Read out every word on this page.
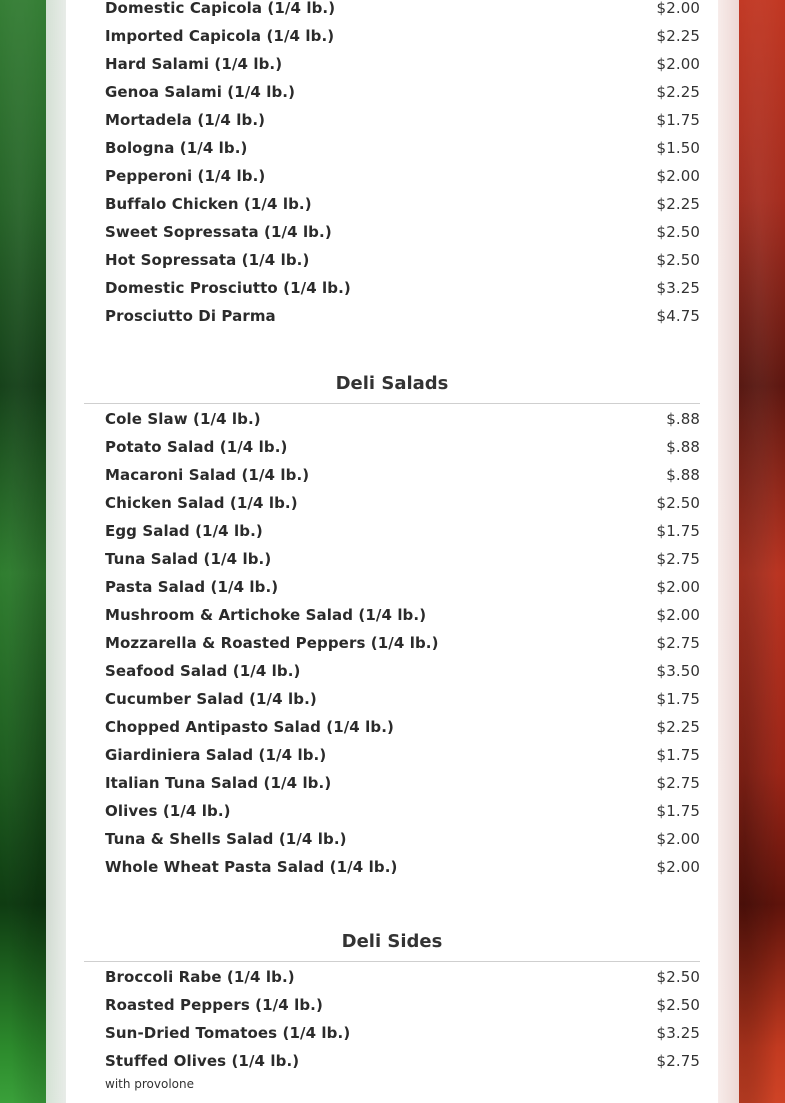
Domestic Capicola (1/4 lb.)	$2.00
Imported Capicola (1/4 lb.)	$2.25
Hard Salami (1/4 lb.)	$2.00
Genoa Salami (1/4 lb.)	$2.25
Mortadela (1/4 lb.)	$1.75
Bologna (1/4 lb.)	$1.50
Pepperoni (1/4 lb.)	$2.00
Buffalo Chicken (1/4 lb.)	$2.25
Sweet Sopressata (1/4 lb.)	$2.50
Hot Sopressata (1/4 lb.)	$2.50
Domestic Prosciutto (1/4 lb.)	$3.25
Prosciutto Di Parma	$4.75
Deli Salads
Cole Slaw (1/4 lb.)	$.88
Potato Salad (1/4 lb.)	$.88
Macaroni Salad (1/4 lb.)	$.88
Chicken Salad (1/4 lb.)	$2.50
Egg Salad (1/4 lb.)	$1.75
Tuna Salad (1/4 lb.)	$2.75
Pasta Salad (1/4 lb.)	$2.00
Mushroom & Artichoke Salad (1/4 lb.)	$2.00
Mozzarella & Roasted Peppers (1/4 lb.)	$2.75
Seafood Salad (1/4 lb.)	$3.50
Cucumber Salad (1/4 lb.)	$1.75
Chopped Antipasto Salad (1/4 lb.)	$2.25
Giardiniera Salad (1/4 lb.)	$1.75
Italian Tuna Salad (1/4 lb.)	$2.75
Olives (1/4 lb.)	$1.75
Tuna & Shells Salad (1/4 lb.)	$2.00
Whole Wheat Pasta Salad (1/4 lb.)	$2.00
Deli Sides
Broccoli Rabe (1/4 lb.)	$2.50
Roasted Peppers (1/4 lb.)	$2.50
Sun-Dried Tomatoes (1/4 lb.)	$3.25
Stuffed Olives (1/4 lb.)	$2.75
with provolone
